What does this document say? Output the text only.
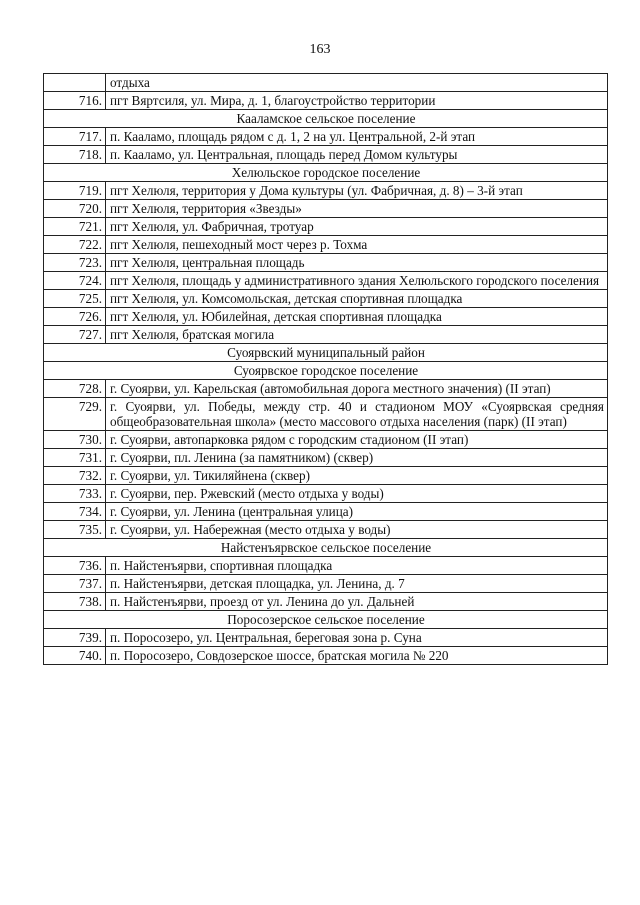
163
	отдыха
716.	пгт Вяртсиля, ул. Мира, д. 1, благоустройство территории
Кааламское сельское поселение	
717.	п. Кааламо, площадь рядом с д. 1, 2 на ул. Центральной, 2-й этап
718.	п. Кааламо, ул. Центральная, площадь перед Домом культуры
Хелюльское городское поселение	
719.	пгт Хелюля, территория у Дома культуры (ул. Фабричная, д. 8) – 3-й этап
720.	пгт Хелюля, территория «Звезды»
721.	пгт Хелюля, ул. Фабричная, тротуар
722.	пгт Хелюля, пешеходный мост через р. Тохма
723.	пгт Хелюля, центральная площадь
724.	пгт Хелюля, площадь у административного здания Хелюльского городского поселения
725.	пгт Хелюля, ул. Комсомольская, детская спортивная площадка
726.	пгт Хелюля, ул. Юбилейная, детская спортивная площадка
727.	пгт Хелюля, братская могила
Суоярвский муниципальный район	
Суоярвское городское поселение	
728.	г. Суоярви, ул. Карельская (автомобильная дорога местного значения) (II этап)
729.	г. Суоярви, ул. Победы, между стр. 40 и стадионом МОУ «Суоярвская средняя общеобразовательная школа» (место массового отдыха населения (парк) (II этап)
730.	г. Суоярви, автопарковка рядом с городским стадионом (II этап)
731.	г. Суоярви, пл. Ленина (за памятником) (сквер)
732.	г. Суоярви, ул. Тикиляйнена (сквер)
733.	г. Суоярви, пер. Ржевский (место отдыха у воды)
734.	г. Суоярви, ул. Ленина (центральная улица)
735.	г. Суоярви, ул. Набережная (место отдыха у воды)
Найстенъярвское сельское поселение	
736.	п. Найстенъярви, спортивная площадка
737.	п. Найстенъярви, детская площадка, ул. Ленина, д. 7
738.	п. Найстенъярви, проезд от ул. Ленина до ул. Дальней
Поросозерское сельское поселение	
739.	п. Поросозеро, ул. Центральная, береговая зона р. Суна
740.	п. Поросозеро, Совдозерское шоссе, братская могила № 220
